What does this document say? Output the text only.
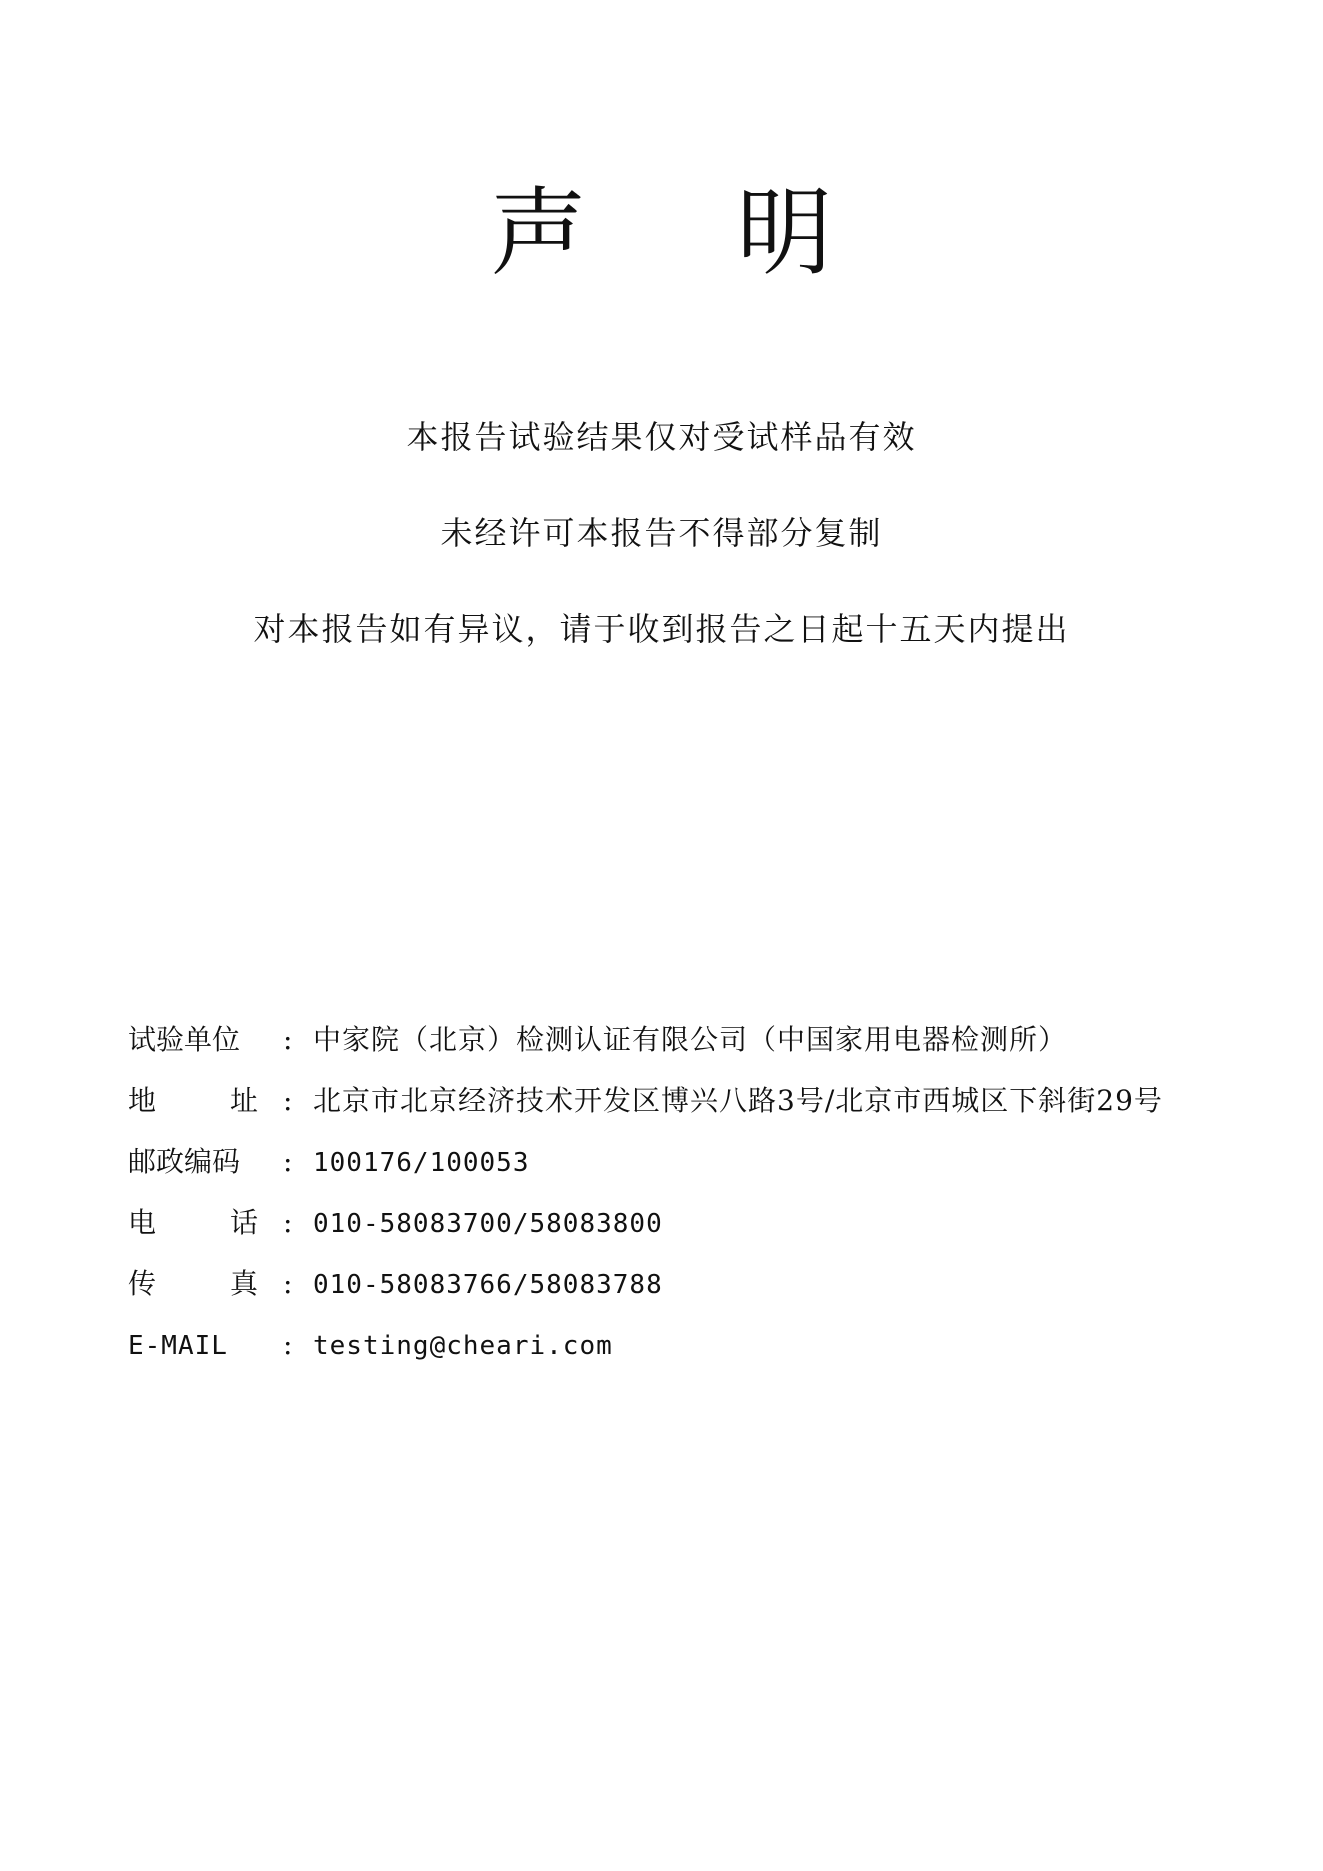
声 明
本报告试验结果仅对受试样品有效
未经许可本报告不得部分复制
对本报告如有异议，请于收到报告之日起十五天内提出
试验单位	: 中家院（北京）检测认证有限公司（中国家用电器检测所）
地	址 : 北京市北京经济技术开发区博兴八路3号/北京市西城区下斜街29号
邮政编码	: 100176/100053
电	话 : 010-58083700/58083800
传	真 : 010-58083766/58083788
E-MAIL	: testing@cheari.com
